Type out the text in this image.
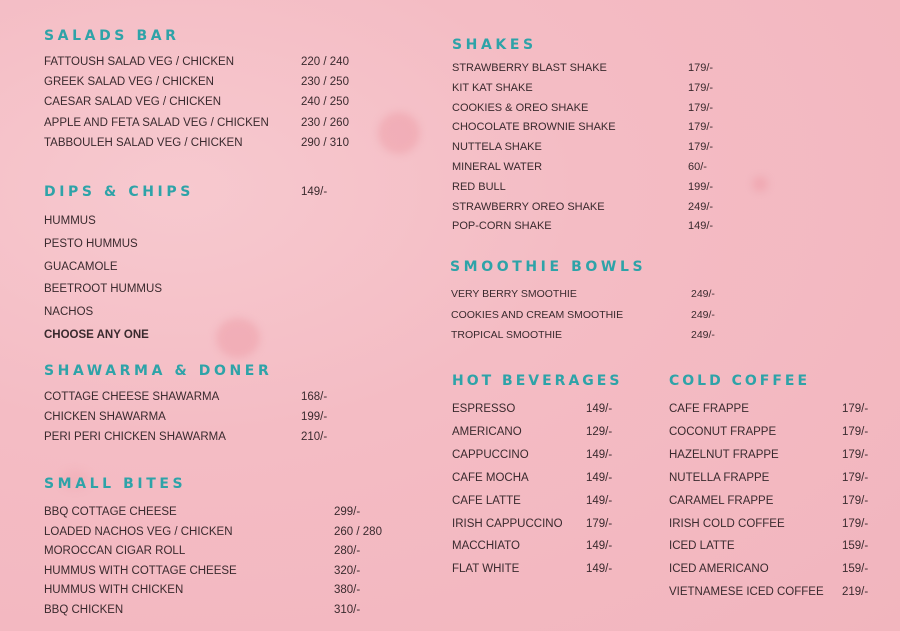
SALADS BAR
FATTOUSH SALAD VEG / CHICKEN	220 / 240
GREEK SALAD VEG / CHICKEN	230 / 250
CAESAR SALAD VEG / CHICKEN	240 / 250
APPLE AND FETA SALAD VEG / CHICKEN	230 / 260
TABBOULEH SALAD VEG / CHICKEN	290 / 310
DIPS & CHIPS	149/-
HUMMUS
PESTO HUMMUS
GUACAMOLE
BEETROOT HUMMUS
NACHOS
CHOOSE ANY ONE
SHAWARMA & DONER
COTTAGE CHEESE SHAWARMA	168/-
CHICKEN SHAWARMA	199/-
PERI PERI CHICKEN SHAWARMA	210/-
SMALL BITES
BBQ COTTAGE CHEESE	299/-
LOADED NACHOS VEG / CHICKEN	260 / 280
MOROCCAN CIGAR ROLL	280/-
HUMMUS WITH COTTAGE CHEESE	320/-
HUMMUS WITH CHICKEN	380/-
BBQ CHICKEN	310/-
SHAKES
STRAWBERRY BLAST SHAKE	179/-
KIT KAT SHAKE	179/-
COOKIES & OREO SHAKE	179/-
CHOCOLATE BROWNIE SHAKE	179/-
NUTTELA SHAKE	179/-
MINERAL WATER	60/-
RED BULL	199/-
STRAWBERRY OREO SHAKE	249/-
POP-CORN SHAKE	149/-
SMOOTHIE BOWLS
VERY BERRY SMOOTHIE	249/-
COOKIES AND CREAM SMOOTHIE	249/-
TROPICAL SMOOTHIE	249/-
HOT BEVERAGES
ESPRESSO	149/-
AMERICANO	129/-
CAPPUCCINO	149/-
CAFE MOCHA	149/-
CAFE LATTE	149/-
IRISH CAPPUCCINO 179/-
MACCHIATO	149/-
FLAT WHITE	149/-
COLD COFFEE
CAFE FRAPPE	179/-
COCONUT FRAPPE	179/-
HAZELNUT FRAPPE	179/-
NUTELLA FRAPPE	179/-
CARAMEL FRAPPE	179/-
IRISH COLD COFFEE	179/-
ICED LATTE	159/-
ICED AMERICANO	159/-
VIETNAMESE ICED COFFEE 219/-
